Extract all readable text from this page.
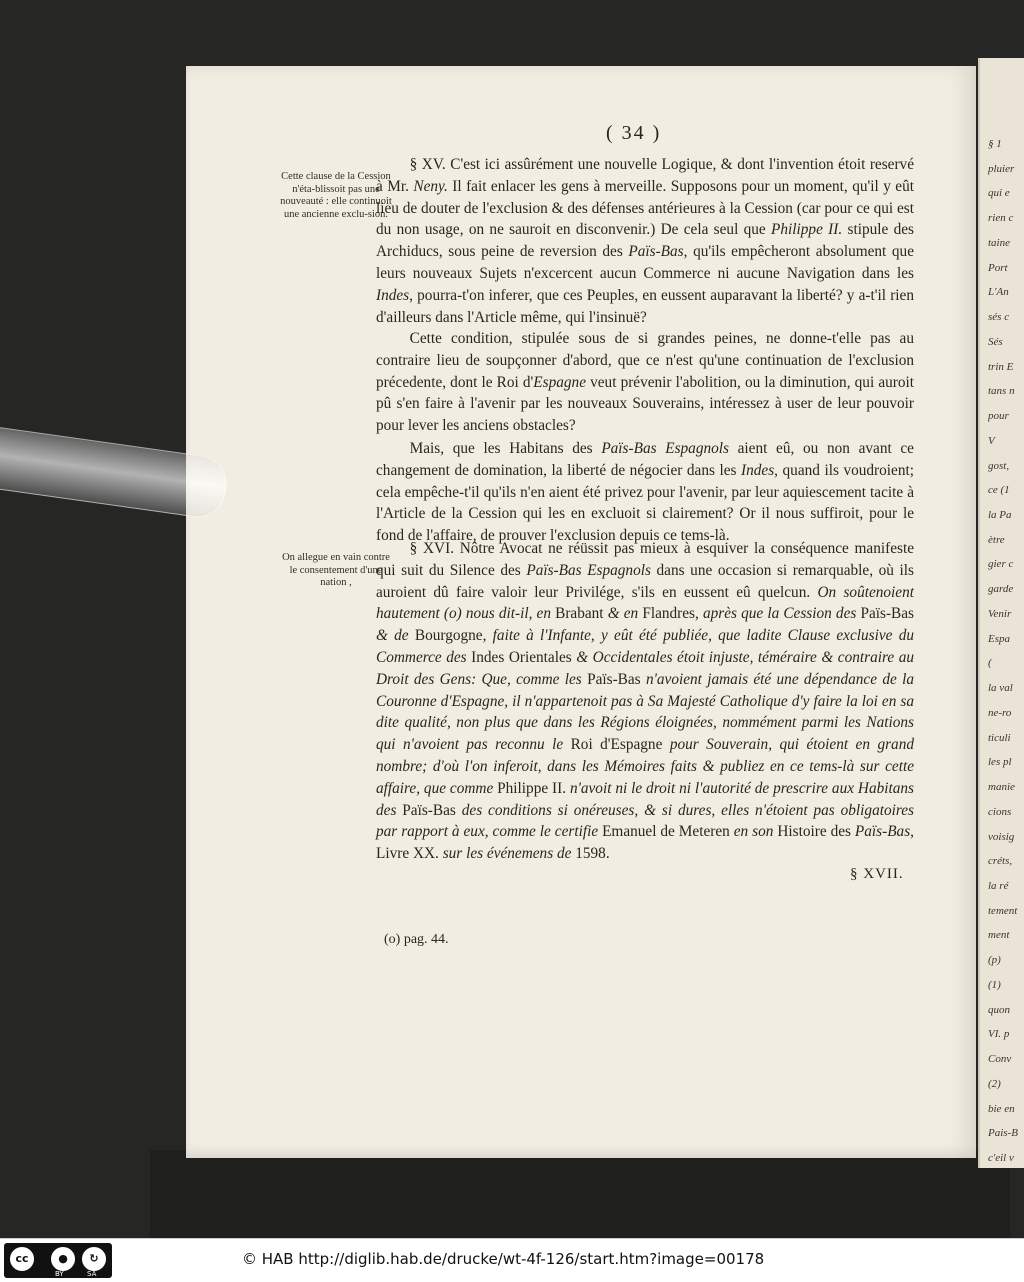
§ 1
pluier
qui e
rien c
taine
Port
L'An
sés c
Sés
trin E
tans n
pour
V
gost,
ce (1
la Pa
ètre
gier c
garde
Venir
Espa
(
la val
ne-ro
ticuli
les pl
manie
cions
voisig
créts,
la ré
tement
ment
(p)
(1)
quon
VI. p
Conv
(2)
bie en
Pais-B
c'eil v
( 34 )
Cette clause de la Cession n'éta-blissoit pas une nouveauté : elle continuoit une ancienne exclu-sion.
On allegue en vain contre le consentement d'une nation ,

§ XV. C'est ici assûrément une nouvelle Logique, & dont l'invention étoit reservé à Mr. Neny. Il fait enlacer les gens à merveille. Supposons pour un moment, qu'il y eût lieu de douter de l'exclusion & des défenses antérieures à la Cession (car pour ce qui est du non usage, on ne sauroit en disconvenir.) De cela seul que Philippe II. stipule des Archiducs, sous peine de reversion des Païs-Bas, qu'ils empêcheront absolument que leurs nouveaux Sujets n'excercent aucun Commerce ni aucune Navigation dans les Indes, pourra-t'on inferer, que ces Peuples, en eussent auparavant la liberté? y a-t'il rien d'ailleurs dans l'Article même, qui l'insinuë?

Cette condition, stipulée sous de si grandes peines, ne donne-t'elle pas au contraire lieu de soupçonner d'abord, que ce n'est qu'une continuation de l'exclusion précedente, dont le Roi d'Espagne veut prévenir l'abolition, ou la diminution, qui auroit pû s'en faire à l'avenir par les nouveaux Souverains, intéressez à user de leur pouvoir pour lever les anciens obstacles?

Mais, que les Habitans des Païs-Bas Espagnols aient eû, ou non avant ce changement de domination, la liberté de négocier dans les Indes, quand ils voudroient; cela empêche-t'il qu'ils n'en aient été privez pour l'avenir, par leur aquiescement tacite à l'Article de la Cession qui les en excluoit si clairement? Or il nous suffiroit, pour le fond de l'affaire, de prouver l'exclusion depuis ce tems-là.

§ XVI. Nôtre Avocat ne réüssit pas mieux à esquiver la conséquence manifeste qui suit du Silence des Païs-Bas Espagnols dans une occasion si remarquable, où ils auroient dû faire valoir leur Privilége, s'ils en eussent eû quelcun. On soûtenoient hautement (o) nous dit-il, en Brabant & en Flandres, après que la Cession des Païs-Bas & de Bourgogne, faite à l'Infante, y eût été publiée, que ladite Clause exclusive du Commerce des Indes Orientales & Occidentales étoit injuste, téméraire & contraire au Droit des Gens: Que, comme les Païs-Bas n'avoient jamais été une dépendance de la Couronne d'Espagne, il n'appartenoit pas à Sa Majesté Catholique d'y faire la loi en sa dite qualité, non plus que dans les Régions éloignées, nommément parmi les Nations qui n'avoient pas reconnu le Roi d'Espagne pour Souverain, qui étoient en grand nombre; d'où l'on inferoit, dans les Mémoires faits & publiez en ce tems-là sur cette affaire, que comme Philippe II. n'avoit ni le droit ni l'autorité de prescrire aux Habitans des Païs-Bas des conditions si onéreuses, & si dures, elles n'étoient pas obligatoires par rapport à eux, comme le certifie Emanuel de Meteren en son Histoire des Païs-Bas, Livre XX. sur les événemens de 1598.

§ XVII.
(o) pag. 44.
cc	●	↻
BY	SA
© HAB http://diglib.hab.de/drucke/wt-4f-126/start.htm?image=00178
